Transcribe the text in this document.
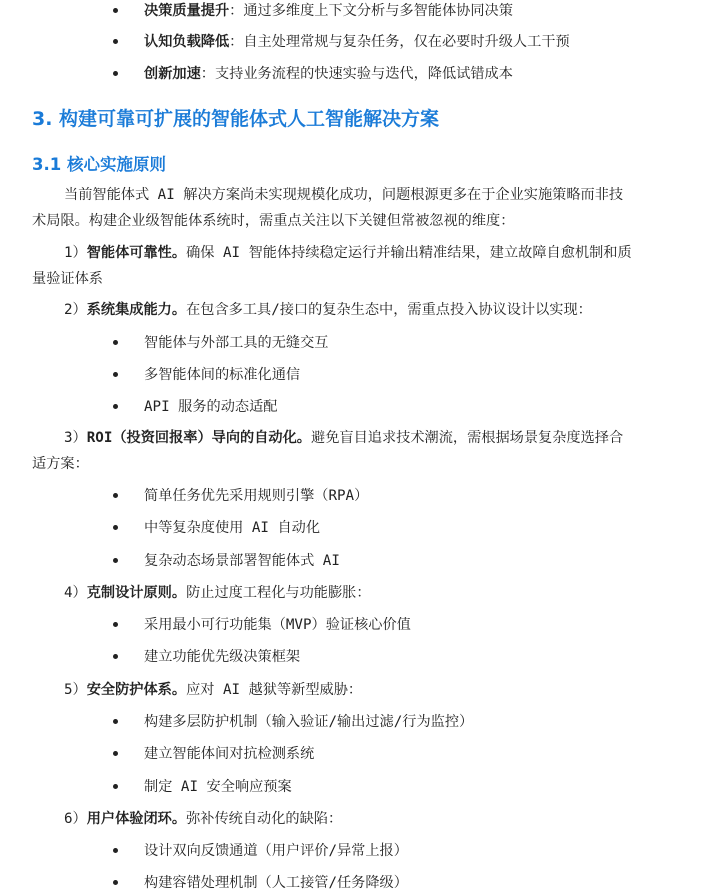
决策质量提升：通过多维度上下文分析与多智能体协同决策
认知负载降低：自主处理常规与复杂任务，仅在必要时升级人工干预
创新加速：支持业务流程的快速实验与迭代，降低试错成本
3. 构建可靠可扩展的智能体式人工智能解决方案
3.1 核心实施原则
当前智能体式 AI 解决方案尚未实现规模化成功，问题根源更多在于企业实施策略而非技
术局限。构建企业级智能体系统时，需重点关注以下关键但常被忽视的维度：
1）智能体可靠性。确保 AI 智能体持续稳定运行并输出精准结果，建立故障自愈机制和质
量验证体系
2）系统集成能力。在包含多工具/接口的复杂生态中，需重点投入协议设计以实现：
智能体与外部工具的无缝交互
多智能体间的标准化通信
API 服务的动态适配
3）ROI（投资回报率）导向的自动化。避免盲目追求技术潮流，需根据场景复杂度选择合
适方案：
简单任务优先采用规则引擎（RPA）
中等复杂度使用 AI 自动化
复杂动态场景部署智能体式 AI
4）克制设计原则。防止过度工程化与功能膨胀：
采用最小可行功能集（MVP）验证核心价值
建立功能优先级决策框架
5）安全防护体系。应对 AI 越狱等新型威胁：
构建多层防护机制（输入验证/输出过滤/行为监控）
建立智能体间对抗检测系统
制定 AI 安全响应预案
6）用户体验闭环。弥补传统自动化的缺陷：
设计双向反馈通道（用户评价/异常上报）
构建容错处理机制（人工接管/任务降级）
